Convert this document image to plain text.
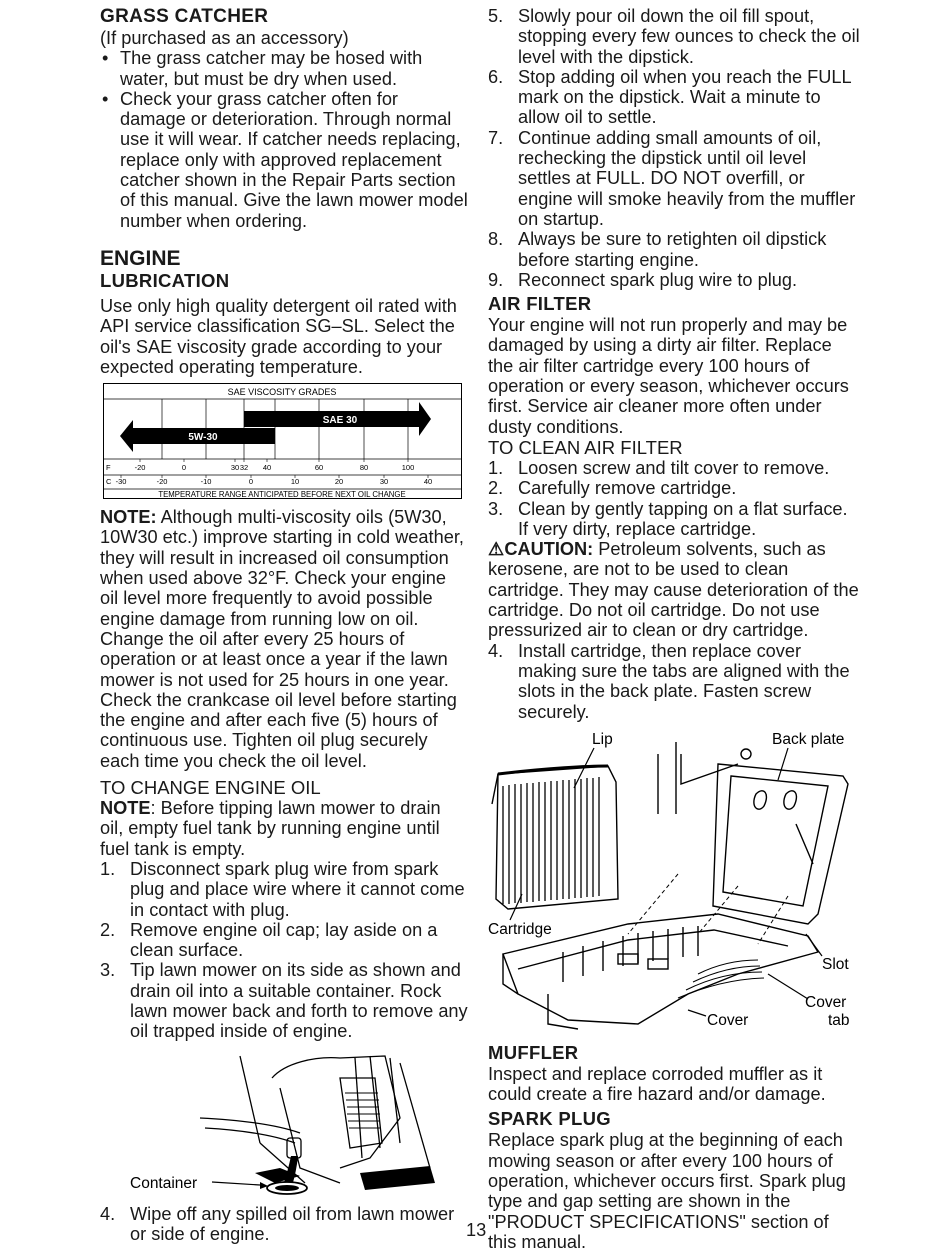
GRASS CATCHER

(If purchased as an accessory)

• The grass catcher may be hosed with water, but must be dry when used.
• Check your grass catcher often for damage or deterioration. Through normal use it will wear. If catcher needs replacing, replace only with approved replacement catcher shown in the Repair Parts section of this manual. Give the lawn mower model number when ordering.

ENGINE

LUBRICATION

Use only high quality detergent oil rated with API service classification SG–SL. Select the oil's SAE viscosity grade according to your expected operating temperature.

SAE VISCOSITY GRADES
SAE 30
5W-30
-20	0	30 32 40	60	80	100
-30	-20	-10	0	10	20	30	40
F
C
TEMPERATURE RANGE ANTICIPATED BEFORE NEXT OIL CHANGE

NOTE: Although multi-viscosity oils (5W30, 10W30 etc.) improve starting in cold weather, they will result in increased oil consumption when used above 32°F. Check your engine oil level more frequently to avoid possible engine damage from running low on oil. Change the oil after every 25 hours of operation or at least once a year if the lawn mower is not used for 25 hours in one year. Check the crankcase oil level before starting the engine and after each five (5) hours of continuous use. Tighten oil plug securely each time you check the oil level.

TO CHANGE ENGINE OIL

NOTE: Before tipping lawn mower to drain oil, empty fuel tank by running engine until fuel tank is empty.

1. Disconnect spark plug wire from spark plug and place wire where it cannot come in contact with plug.
2. Remove engine oil cap; lay aside on a clean surface.
3. Tip lawn mower on its side as shown and drain oil into a suitable container. Rock lawn mower back and forth to remove any oil trapped inside of engine.
Container
4. Wipe off any spilled oil from lawn mower or side of engine.
5. Slowly pour oil down the oil fill spout, stopping every few ounces to check the oil level with the dipstick.
6. Stop adding oil when you reach the FULL mark on the dipstick. Wait a minute to allow oil to settle.
7. Continue adding small amounts of oil, rechecking the dipstick until oil level settles at FULL. DO NOT overfill, or engine will smoke heavily from the muffler on startup.
8. Always be sure to retighten oil dipstick before starting engine.
9. Reconnect spark plug wire to plug.

AIR FILTER

Your engine will not run properly and may be damaged by using a dirty air filter. Replace the air filter cartridge every 100 hours of operation or every season, whichever occurs first. Service air cleaner more often under dusty conditions.

TO CLEAN AIR FILTER

1. Loosen screw and tilt cover to remove.
2. Carefully remove cartridge.
3. Clean by gently tapping on a flat surface. If very dirty, replace cartridge.

⚠CAUTION: Petroleum solvents, such as kerosene, are not to be used to clean cartridge. They may cause deterioration of the cartridge. Do not oil cartridge. Do not use pressurized air to clean or dry cartridge.

4. Install cartridge, then replace cover making sure the tabs are aligned with the slots in the back plate. Fasten screw securely.
Lip	Back plate
Cartridge
Slot
Cover
tab
Cover

MUFFLER

Inspect and replace corroded muffler as it could create a fire hazard and/or damage.

SPARK PLUG

Replace spark plug at the beginning of each mowing season or after every 100 hours of operation, whichever occurs first. Spark plug type and gap setting are shown in the "PRODUCT SPECIFICATIONS" section of this manual.

13
